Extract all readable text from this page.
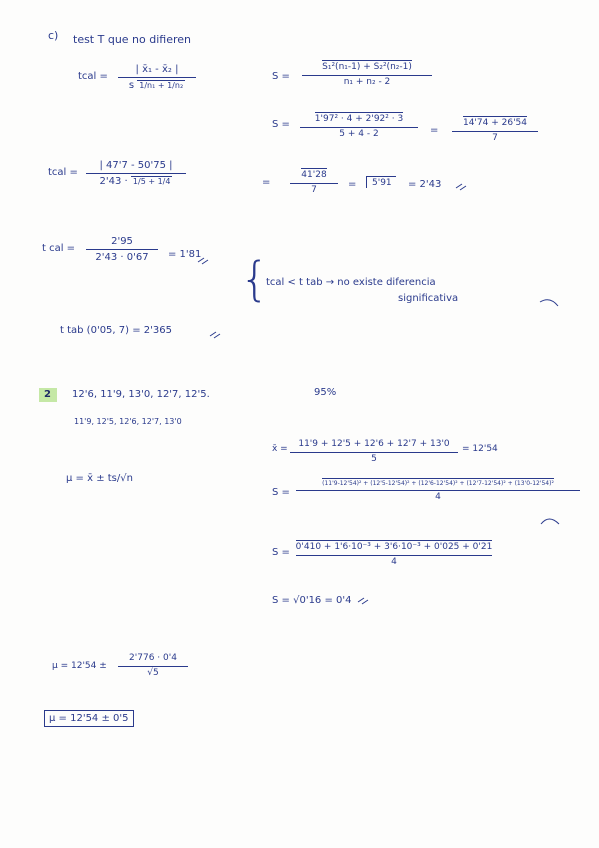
c) test T que no difieren
tcal =
| x̄₁ - x̄₂ |
s 1/n₁ + 1/n₂
S =
S₁²(n₁-1) + S₂²(n₂-1)
n₁ + n₂ - 2
S =	1'97² · 4 + 2'92² · 3
5 + 4 - 2	=
14'74 + 26'54
7
tcal =
| 47'7 - 50'75 |
2'43 · 1/5 + 1/4	=
41'28
7	=	5'91	= 2'43
t cal =
2'95
2'43 · 0'67 = 1'81 {
tcal < t tab → no existe diferencia
significativa
t tab (0'05, 7) = 2'365
2 12'6, 11'9, 13'0, 12'7, 12'5.	95%
11'9, 12'5, 12'6, 12'7, 13'0
x̄ = 11'9 + 12'5 + 12'6 + 12'7 + 13'0
5
= 12'54
μ = x̄ ± ts/√n
S =
(11'9-12'54)² + (12'5-12'54)² + (12'6-12'54)² + (12'7-12'54)² + (13'0-12'54)²
4
S = 0'410 + 1'6·10⁻³ + 3'6·10⁻³ + 0'025 + 0'21
4
S = √0'16 = 0'4
μ = 12'54 ±
2'776 · 0'4
√5
μ = 12'54 ± 0'5
